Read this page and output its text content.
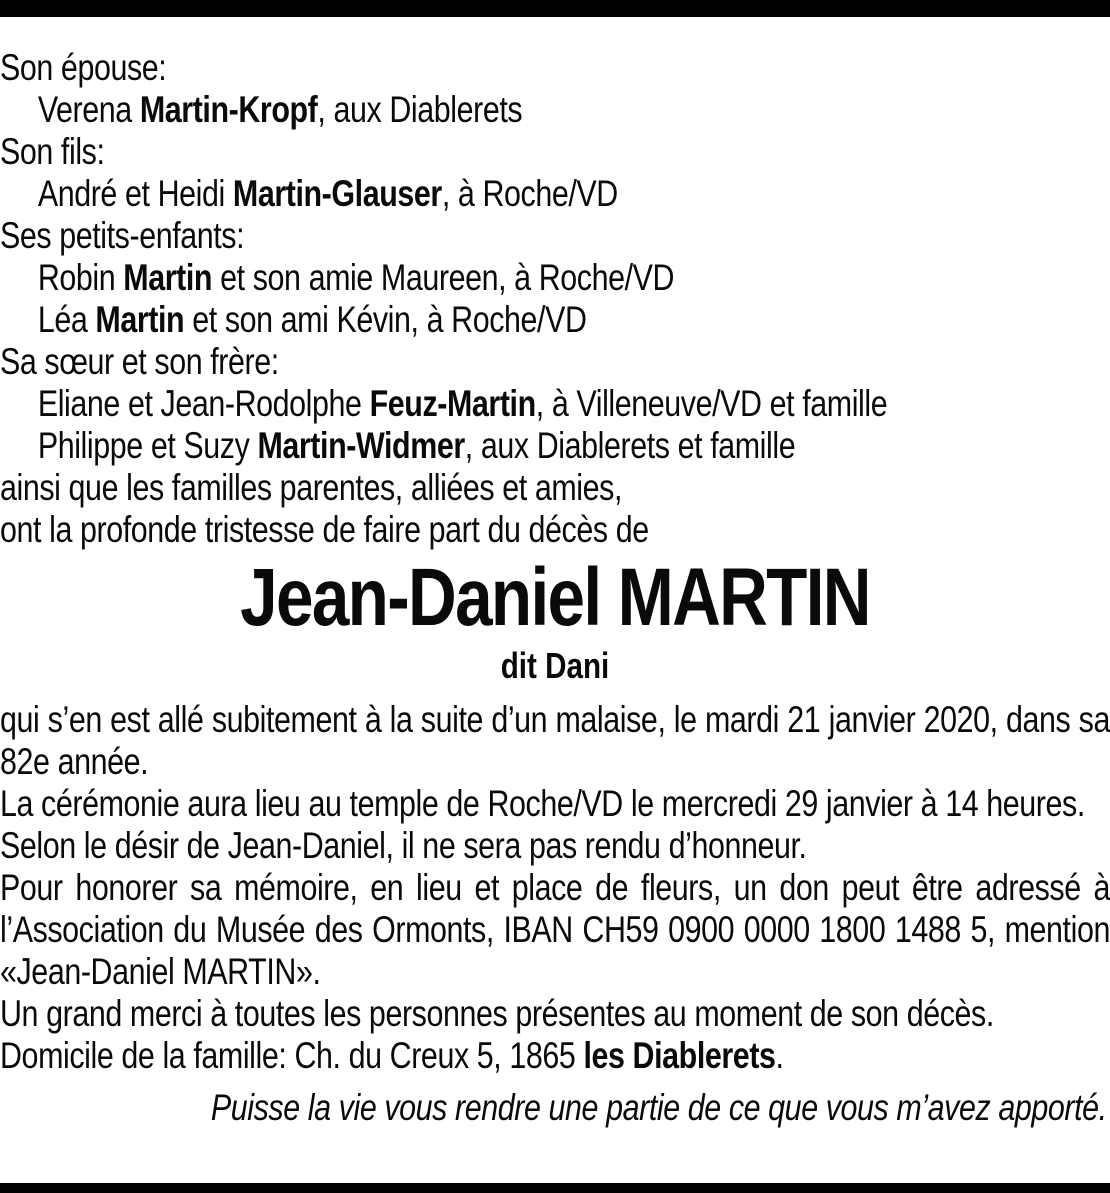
Son épouse:
Verena Martin-Kropf, aux Diablerets
Son fils:
André et Heidi Martin-Glauser, à Roche/VD
Ses petits-enfants:
Robin Martin et son amie Maureen, à Roche/VD
Léa Martin et son ami Kévin, à Roche/VD
Sa sœur et son frère:
Eliane et Jean-Rodolphe Feuz-Martin, à Villeneuve/VD et famille
Philippe et Suzy Martin-Widmer, aux Diablerets et famille
ainsi que les familles parentes, alliées et amies,
ont la profonde tristesse de faire part du décès de
Jean-Daniel MARTIN
dit Dani
qui s’en est allé subitement à la suite d’un malaise, le mardi 21 janvier 2020, dans sa 82e année.
La cérémonie aura lieu au temple de Roche/VD le mercredi 29 janvier à 14 heures.
Selon le désir de Jean-Daniel, il ne sera pas rendu d’honneur.
Pour honorer sa mémoire, en lieu et place de fleurs, un don peut être adressé à l’Association du Musée des Ormonts, IBAN CH59 0900 0000 1800 1488 5, mention «Jean-Daniel MARTIN».
Un grand merci à toutes les personnes présentes au moment de son décès.
Domicile de la famille: Ch. du Creux 5, 1865 les Diablerets.
Puisse la vie vous rendre une partie de ce que vous m’avez apporté.
